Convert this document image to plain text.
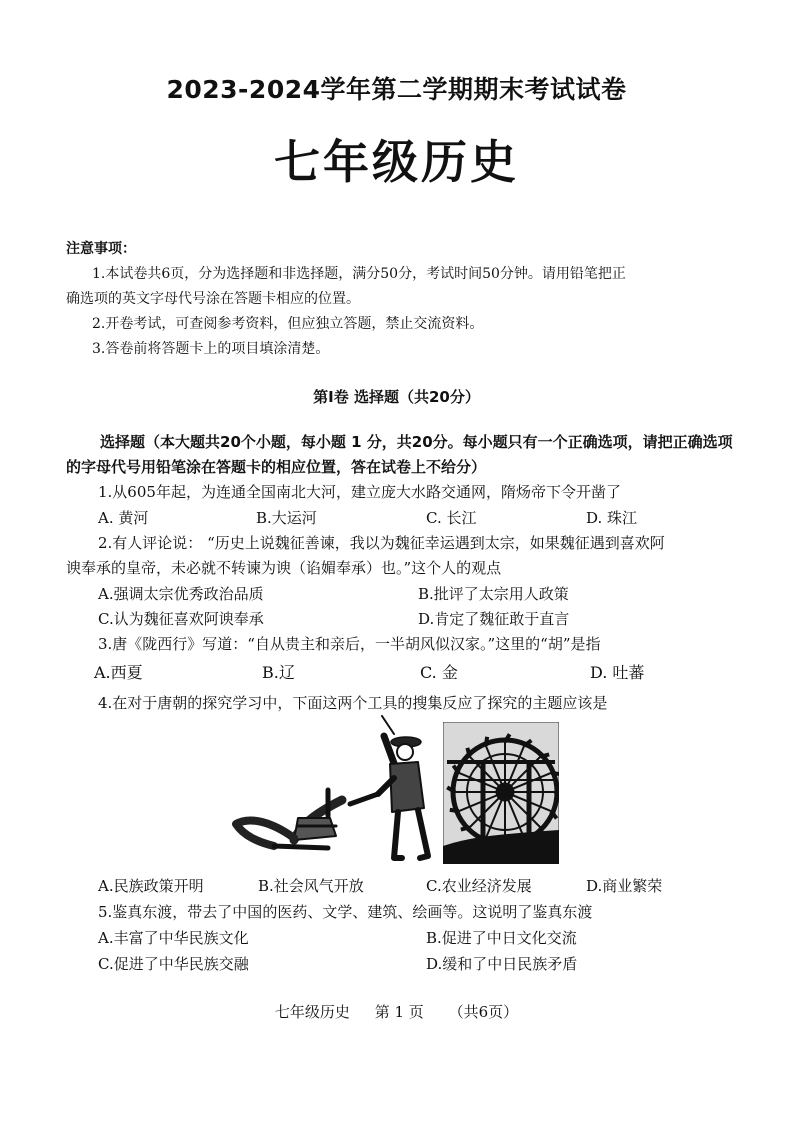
2023-2024学年第二学期期末考试试卷
七年级历史
注意事项：
1.本试卷共6页，分为选择题和非选择题，满分50分，考试时间50分钟。请用铅笔把正
确选项的英文字母代号涂在答题卡相应的位置。
2.开卷考试，可查阅参考资料，但应独立答题，禁止交流资料。
3.答卷前将答题卡上的项目填涂清楚。
第Ⅰ卷 选择题（共20分）
选择题（本大题共20个小题，每小题 1 分，共20分。每小题只有一个正确选项，请把正确选项的字母代号用铅笔涂在答题卡的相应位置，答在试卷上不给分）
1.从605年起，为连通全国南北大河，建立庞大水路交通网，隋炀帝下令开凿了
A. 黄河	B.大运河	C. 长江	D. 珠江
2.有人评论说： “历史上说魏征善谏，我以为魏征幸运遇到太宗，如果魏征遇到喜欢阿
谀奉承的皇帝，未必就不转谏为谀（谄媚奉承）也。”这个人的观点
A.强调太宗优秀政治品质	B.批评了太宗用人政策
C.认为魏征喜欢阿谀奉承	D.肯定了魏征敢于直言
3.唐《陇西行》写道：“自从贵主和亲后，一半胡风似汉家。”这里的“胡”是指
A.西夏	B.辽	C. 金	D. 吐蕃
4.在对于唐朝的探究学习中，下面这两个工具的搜集反应了探究的主题应该是
A.民族政策开明	B.社会风气开放	C.农业经济发展	D.商业繁荣
5.鉴真东渡，带去了中国的医药、文学、建筑、绘画等。这说明了鉴真东渡
A.丰富了中华民族文化	B.促进了中日文化交流
C.促进了中华民族交融	D.缓和了中日民族矛盾
七年级历史 第 1 页 （共6页）
